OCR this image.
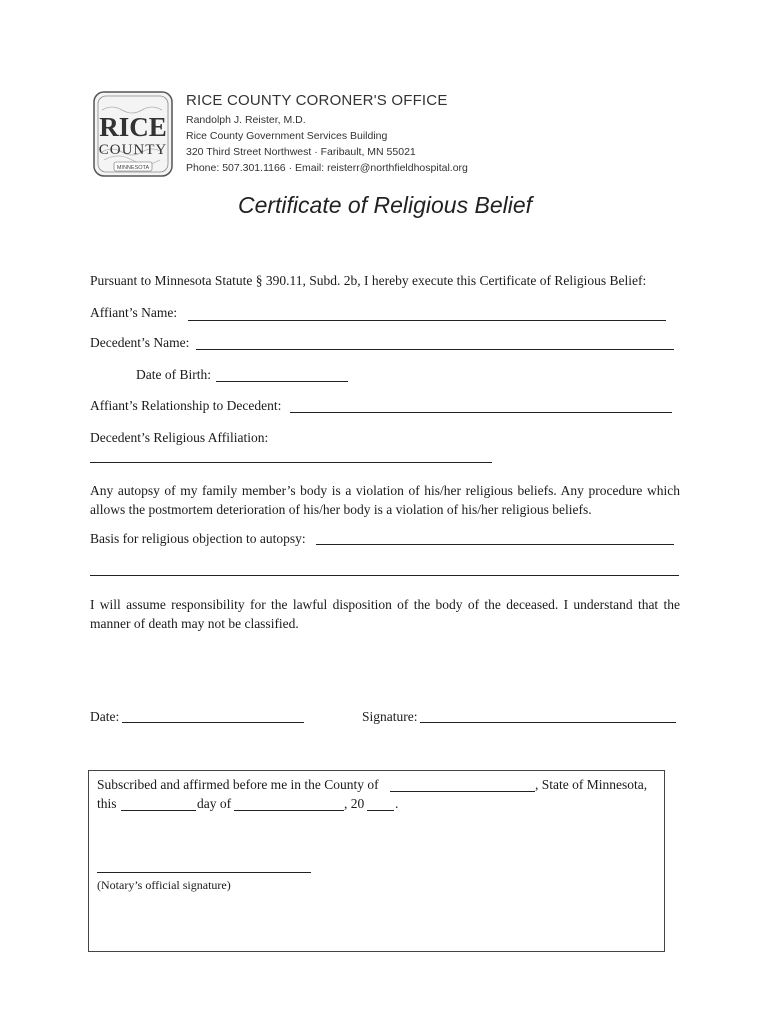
RICE
COUNTY
MINNESOTA
RICE COUNTY CORONER'S OFFICE
Randolph J. Reister, M.D.
Rice County Government Services Building
320 Third Street Northwest · Faribault, MN 55021
Phone: 507.301.1166 · Email: reisterr@northfieldhospital.org
Certificate of Religious Belief
Pursuant to Minnesota Statute § 390.11, Subd. 2b, I hereby execute this Certificate of Religious Belief:
Affiant’s Name:
Decedent’s Name:
Date of Birth:
Affiant’s Relationship to Decedent:
Decedent’s Religious Affiliation:
Any autopsy of my family member’s body is a violation of his/her religious beliefs. Any procedure which allows the postmortem deterioration of his/her body is a violation of his/her religious beliefs.
Basis for religious objection to autopsy:
I will assume responsibility for the lawful disposition of the body of the deceased. I understand that the manner of death may not be classified.
Date:	Signature:
Subscribed and affirmed before me in the County of	, State of Minnesota,
this	day of	, 20 .
(Notary’s official signature)
